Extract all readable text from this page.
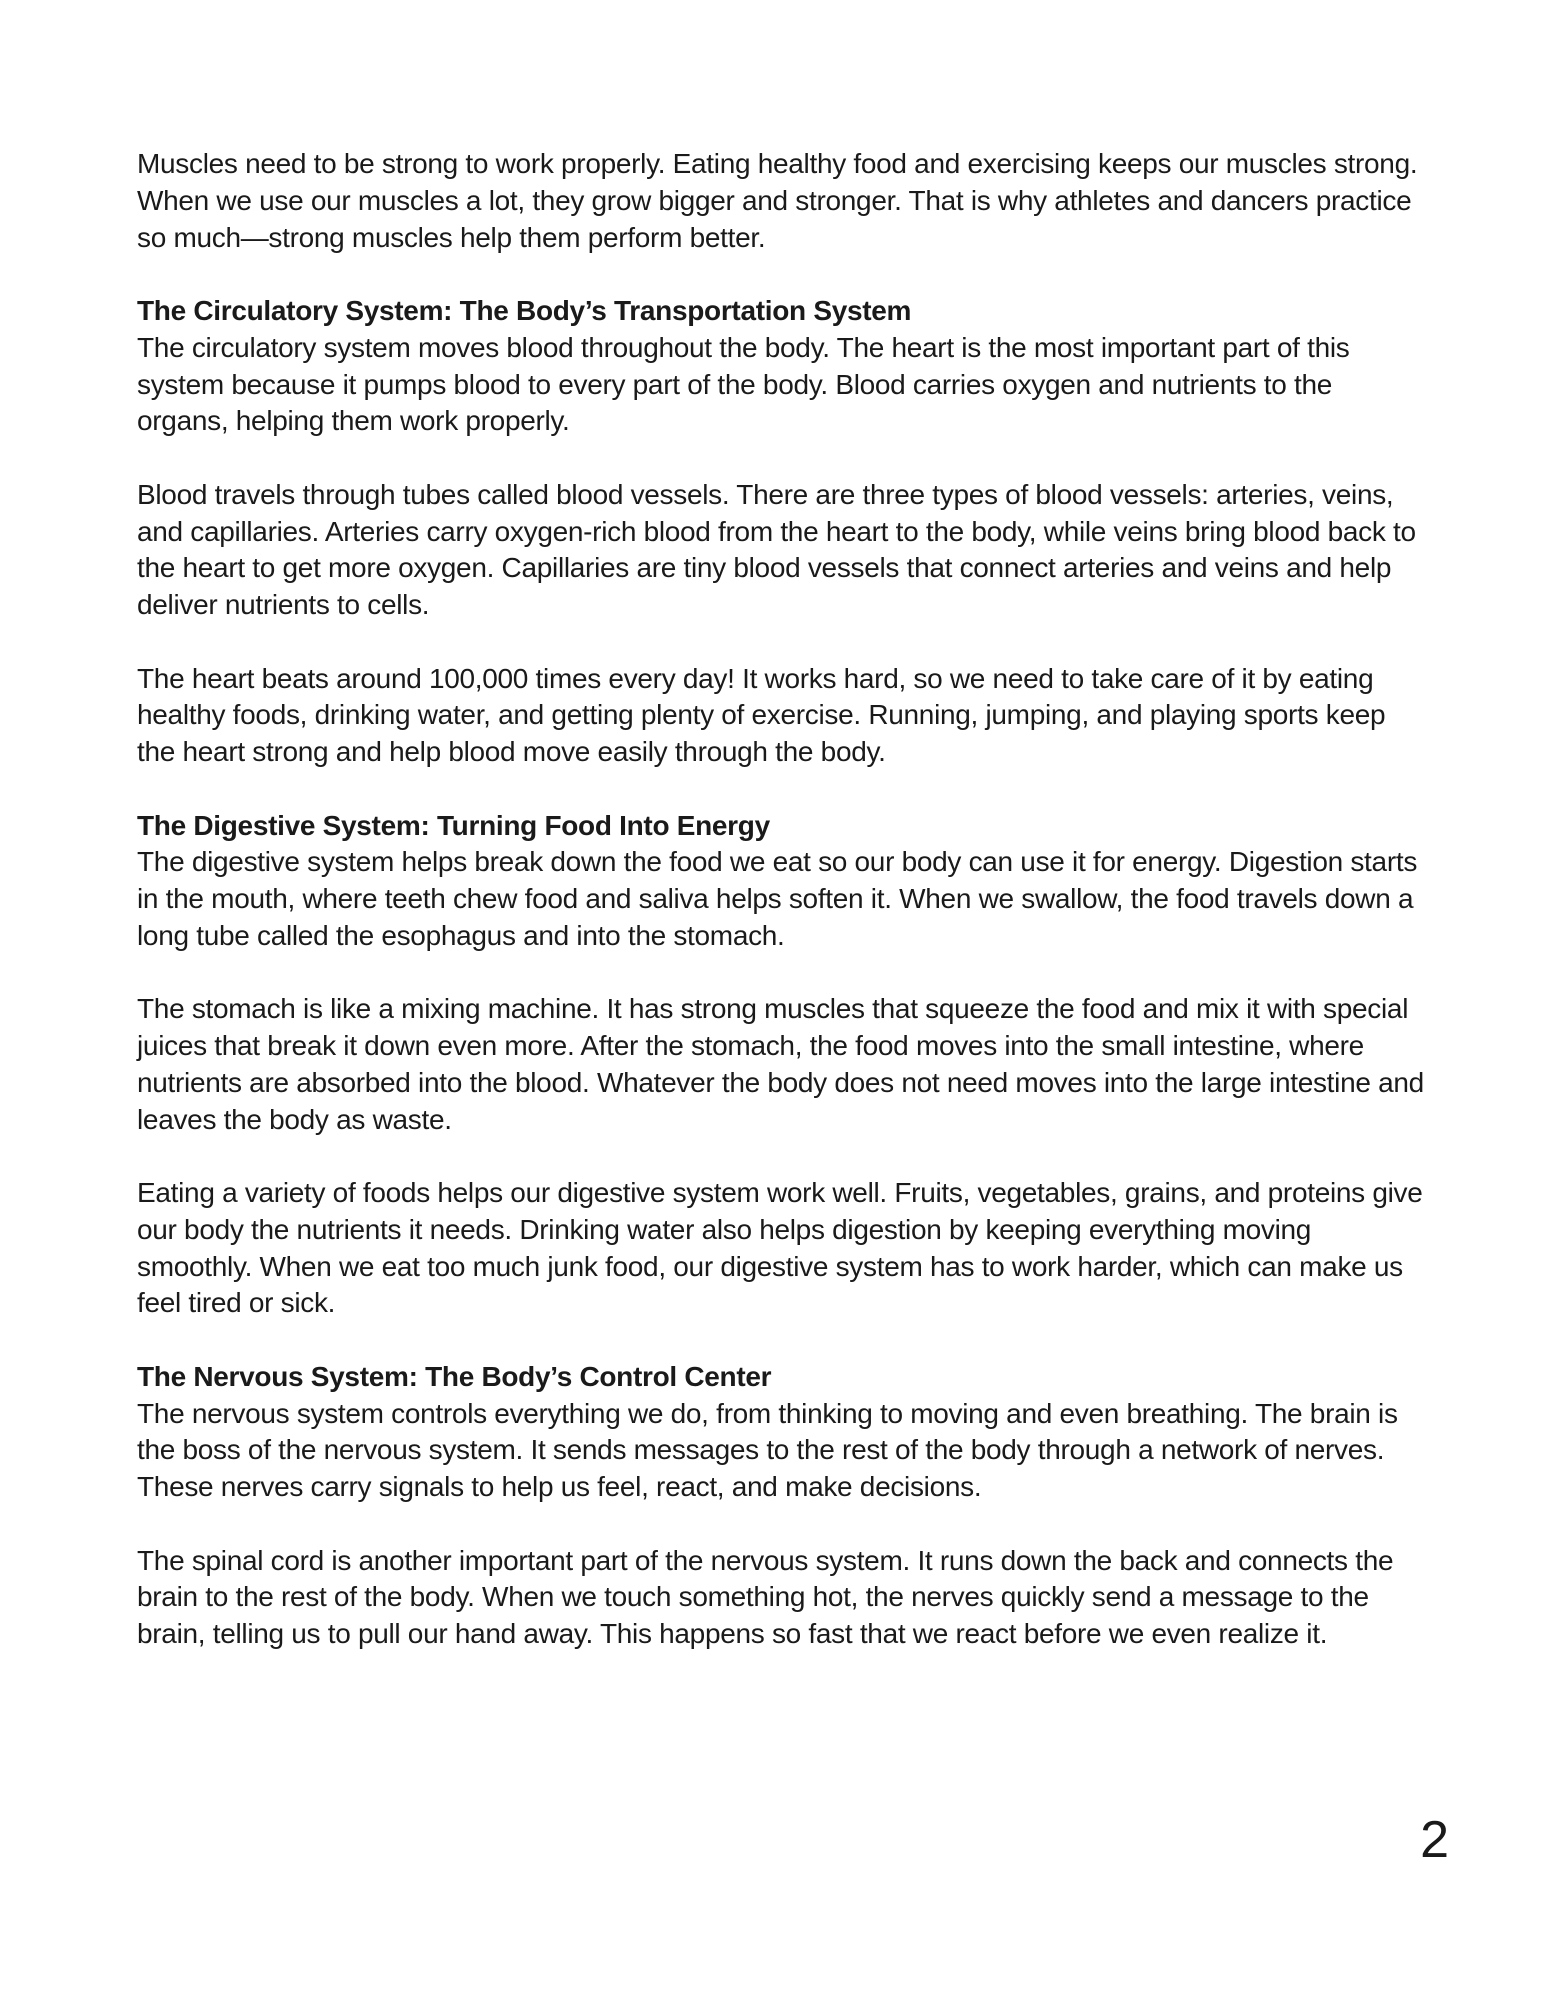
Muscles need to be strong to work properly. Eating healthy food and exercising keeps our muscles strong. When we use our muscles a lot, they grow bigger and stronger. That is why athletes and dancers practice so much—strong muscles help them perform better.

The Circulatory System: The Body’s Transportation System

The circulatory system moves blood throughout the body. The heart is the most important part of this system because it pumps blood to every part of the body. Blood carries oxygen and nutrients to the organs, helping them work properly.

Blood travels through tubes called blood vessels. There are three types of blood vessels: arteries, veins, and capillaries. Arteries carry oxygen-rich blood from the heart to the body, while veins bring blood back to the heart to get more oxygen. Capillaries are tiny blood vessels that connect arteries and veins and help deliver nutrients to cells.

The heart beats around 100,000 times every day! It works hard, so we need to take care of it by eating healthy foods, drinking water, and getting plenty of exercise. Running, jumping, and playing sports keep the heart strong and help blood move easily through the body.

The Digestive System: Turning Food Into Energy

The digestive system helps break down the food we eat so our body can use it for energy. Digestion starts in the mouth, where teeth chew food and saliva helps soften it. When we swallow, the food travels down a long tube called the esophagus and into the stomach.

The stomach is like a mixing machine. It has strong muscles that squeeze the food and mix it with special juices that break it down even more. After the stomach, the food moves into the small intestine, where nutrients are absorbed into the blood. Whatever the body does not need moves into the large intestine and leaves the body as waste.

Eating a variety of foods helps our digestive system work well. Fruits, vegetables, grains, and proteins give our body the nutrients it needs. Drinking water also helps digestion by keeping everything moving smoothly. When we eat too much junk food, our digestive system has to work harder, which can make us feel tired or sick.

The Nervous System: The Body’s Control Center

The nervous system controls everything we do, from thinking to moving and even breathing. The brain is the boss of the nervous system. It sends messages to the rest of the body through a network of nerves. These nerves carry signals to help us feel, react, and make decisions.

The spinal cord is another important part of the nervous system. It runs down the back and connects the brain to the rest of the body. When we touch something hot, the nerves quickly send a message to the brain, telling us to pull our hand away. This happens so fast that we react before we even realize it.

2
